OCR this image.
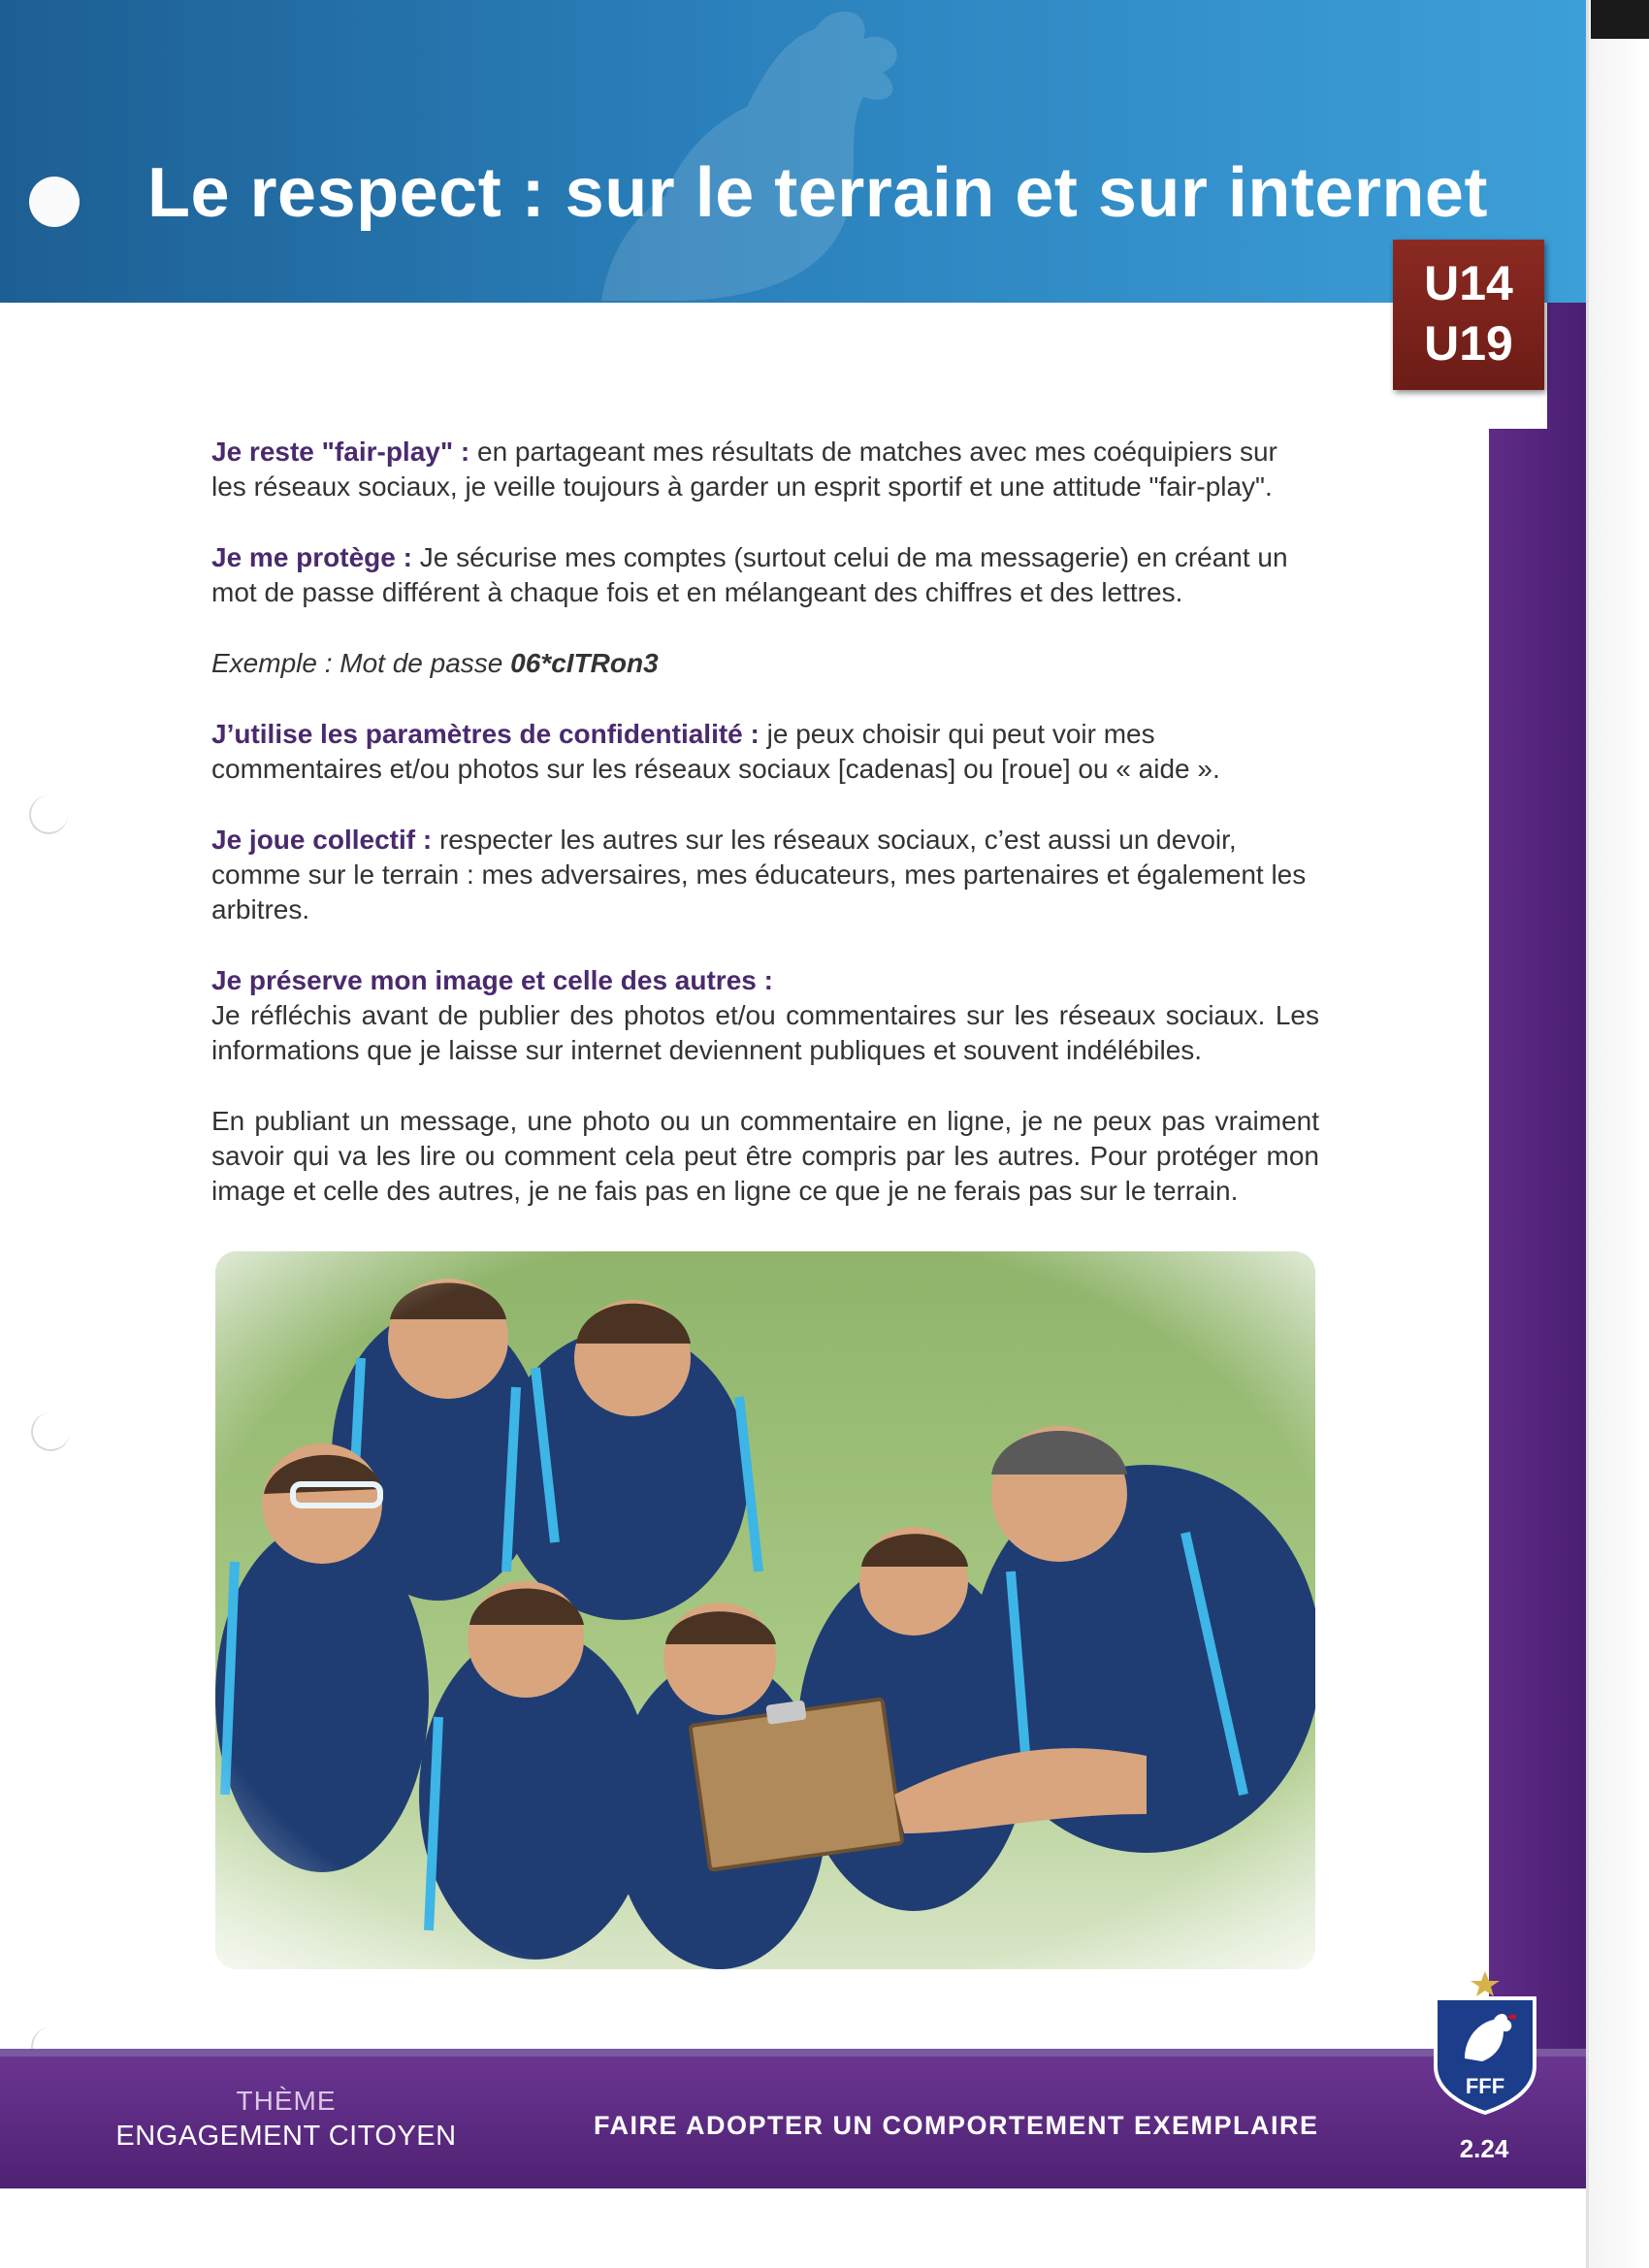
Le respect : sur le terrain et sur internet
U14
U19

Je reste "fair-play" : en partageant mes résultats de matches avec mes coéquipiers sur les réseaux sociaux, je veille toujours à garder un esprit sportif et une attitude "fair-play".

Je me protège : Je sécurise mes comptes (surtout celui de ma messagerie) en créant un mot de passe différent à chaque fois et en mélangeant des chiffres et des lettres.

Exemple : Mot de passe 06*cITRon3

J’utilise les paramètres de confidentialité : je peux choisir qui peut voir mes commentaires et/ou photos sur les réseaux sociaux [cadenas] ou [roue] ou « aide ».

Je joue collectif : respecter les autres sur les réseaux sociaux, c’est aussi un devoir, comme sur le terrain : mes adversaires, mes éducateurs, mes partenaires et également les arbitres.

Je préserve mon image et celle des autres :
Je réfléchis avant de publier des photos et/ou commentaires sur les réseaux sociaux. Les informations que je laisse sur internet deviennent publiques et souvent indélébiles.

En publiant un message, une photo ou un commentaire en ligne, je ne peux pas vraiment savoir qui va les lire ou comment cela peut être compris par les autres. Pour protéger mon image et celle des autres, je ne fais pas en ligne ce que je ne ferais pas sur le terrain.

THÈME
ENGAGEMENT CITOYEN	FAIRE ADOPTER UN COMPORTEMENT EXEMPLAIRE
2.24
FFF
